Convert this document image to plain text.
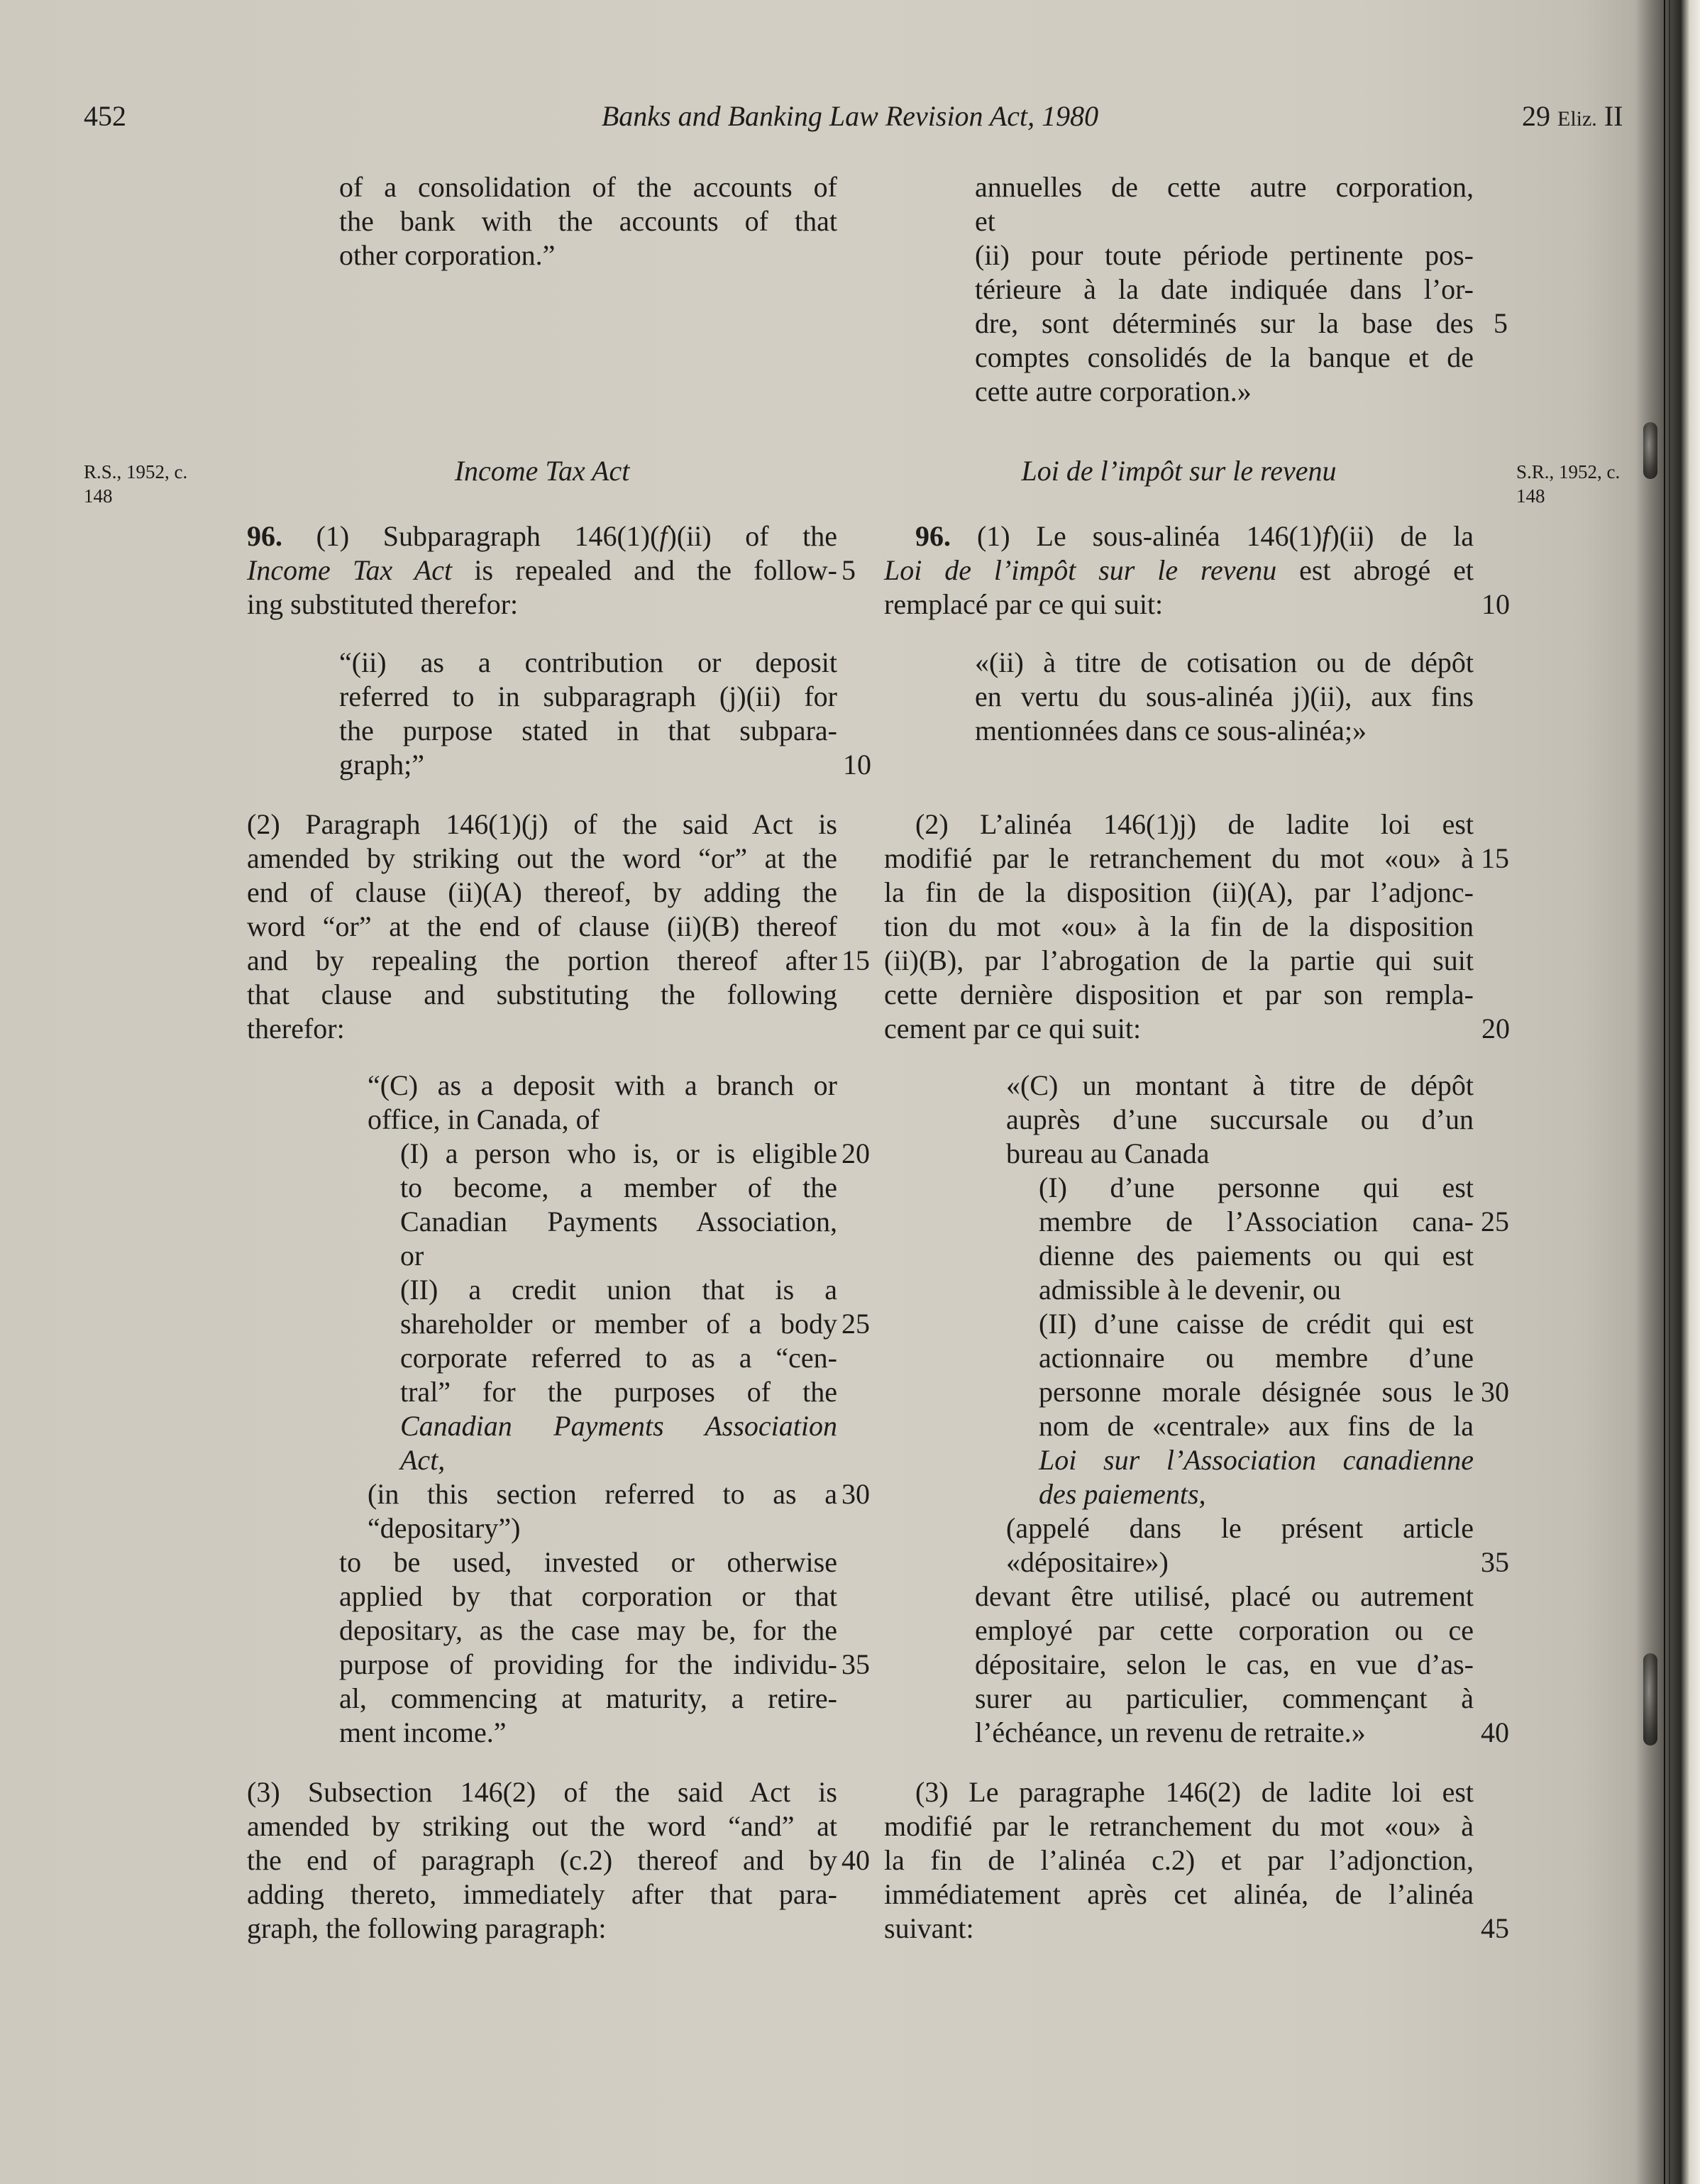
452	Banks and Banking Law Revision Act, 1980	29 Eliz. II
R.S., 1952, c.
148
S.R., 1952, c.
148
of a consolidation of the accounts of
the bank with the accounts of that
other corporation.”
Income Tax Act
96. (1) Subparagraph 146(1)(f)(ii) of the
Income Tax Act is repealed and the follow-
ing substituted therefor:
“(ii) as a contribution or deposit
referred to in subparagraph (j)(ii) for
the purpose stated in that subpara-
graph;”
(2) Paragraph 146(1)(j) of the said Act is
amended by striking out the word “or” at the
end of clause (ii)(A) thereof, by adding the
word “or” at the end of clause (ii)(B) thereof
and by repealing the portion thereof after
that clause and substituting the following
therefor:
“(C) as a deposit with a branch or
office, in Canada, of
(I) a person who is, or is eligible
to become, a member of the
Canadian Payments Association,
or
(II) a credit union that is a
shareholder or member of a body
corporate referred to as a “cen-
tral” for the purposes of the
Canadian Payments Association
Act,
(in this section referred to as a
“depositary”)
to be used, invested or otherwise
applied by that corporation or that
depositary, as the case may be, for the
purpose of providing for the individu-
al, commencing at maturity, a retire-
ment income.”
(3) Subsection 146(2) of the said Act is
amended by striking out the word “and” at
the end of paragraph (c.2) thereof and by
adding thereto, immediately after that para-
graph, the following paragraph:
5
10
15
20
25
30
35
40
annuelles de cette autre corporation,
et
(ii) pour toute période pertinente pos-
térieure à la date indiquée dans l’or-
dre, sont déterminés sur la base des
comptes consolidés de la banque et de
cette autre corporation.»
Loi de l’impôt sur le revenu
96. (1) Le sous-alinéa 146(1)f)(ii) de la
Loi de l’impôt sur le revenu est abrogé et
remplacé par ce qui suit:
«(ii) à titre de cotisation ou de dépôt
en vertu du sous-alinéa j)(ii), aux fins
mentionnées dans ce sous-alinéa;»
(2) L’alinéa 146(1)j) de ladite loi est
modifié par le retranchement du mot «ou» à
la fin de la disposition (ii)(A), par l’adjonc-
tion du mot «ou» à la fin de la disposition
(ii)(B), par l’abrogation de la partie qui suit
cette dernière disposition et par son rempla-
cement par ce qui suit:
«(C) un montant à titre de dépôt
auprès d’une succursale ou d’un
bureau au Canada
(I) d’une personne qui est
membre de l’Association cana-
dienne des paiements ou qui est
admissible à le devenir, ou
(II) d’une caisse de crédit qui est
actionnaire ou membre d’une
personne morale désignée sous le
nom de «centrale» aux fins de la
Loi sur l’Association canadienne
des paiements,
(appelé dans le présent article
«dépositaire»)
devant être utilisé, placé ou autrement
employé par cette corporation ou ce
dépositaire, selon le cas, en vue d’as-
surer au particulier, commençant à
l’échéance, un revenu de retraite.»
(3) Le paragraphe 146(2) de ladite loi est
modifié par le retranchement du mot «ou» à
la fin de l’alinéa c.2) et par l’adjonction,
immédiatement après cet alinéa, de l’alinéa
suivant:
5
10
15
20
25
30
35
40
45
